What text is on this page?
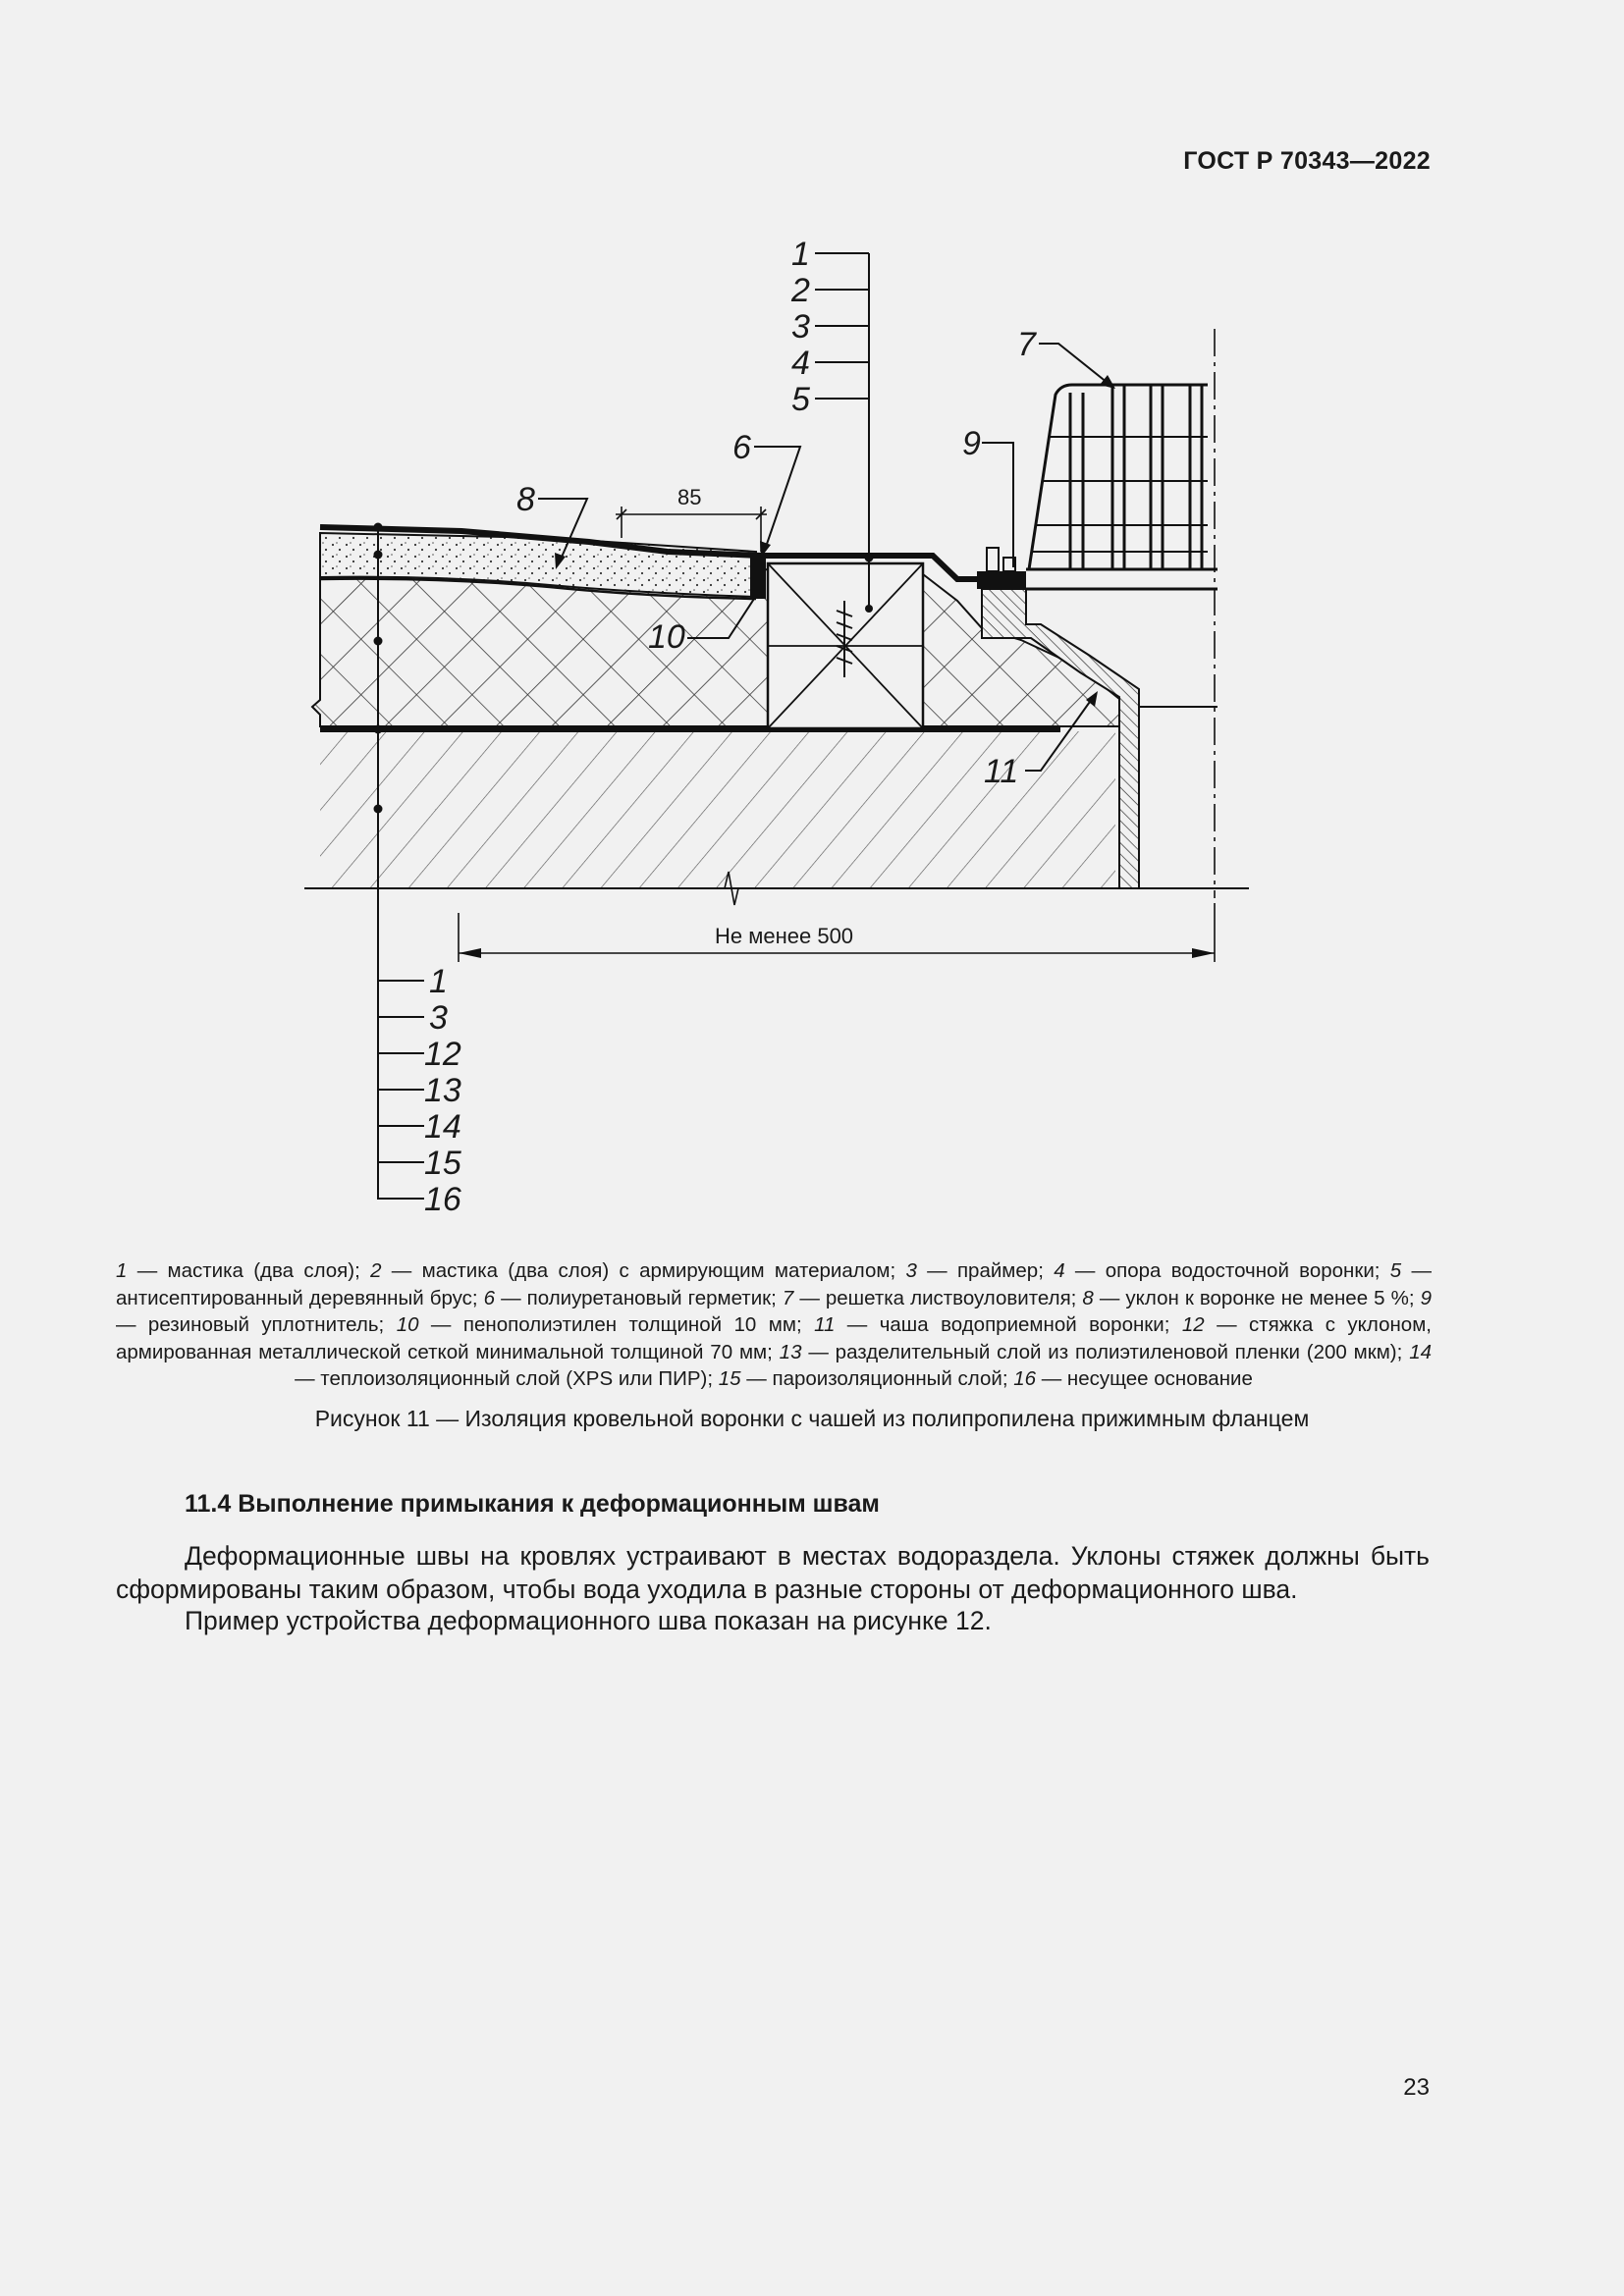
ГОСТ Р 70343—2022
1
3
12
13
14
15
16
1
2
3
4
5
6
7
8
9
10
11
85
Не менее 500
1 — мастика (два слоя); 2 — мастика (два слоя) с армирующим материалом; 3 — праймер; 4 — опора водосточной воронки; 5 — антисептированный деревянный брус; 6 — полиуретановый герметик; 7 — решетка листвоуловителя; 8 — уклон к воронке не менее 5 %; 9 — резиновый уплотнитель; 10 — пенополиэтилен толщиной 10 мм; 11 — чаша водоприемной воронки; 12 — стяжка с уклоном, армированная металлической сеткой минимальной толщиной 70 мм; 13 — разделительный слой из полиэтиленовой пленки (200 мкм); 14 — теплоизоляционный слой (XPS или ПИР); 15 — пароизоляционный слой; 16 — несущее основание
Рисунок 11 — Изоляция кровельной воронки с чашей из полипропилена прижимным фланцем
11.4 Выполнение примыкания к деформационным швам
Деформационные швы на кровлях устраивают в местах водораздела. Уклоны стяжек должны быть сформированы таким образом, чтобы вода уходила в разные стороны от деформационного шва.
Пример устройства деформационного шва показан на рисунке 12.
23
